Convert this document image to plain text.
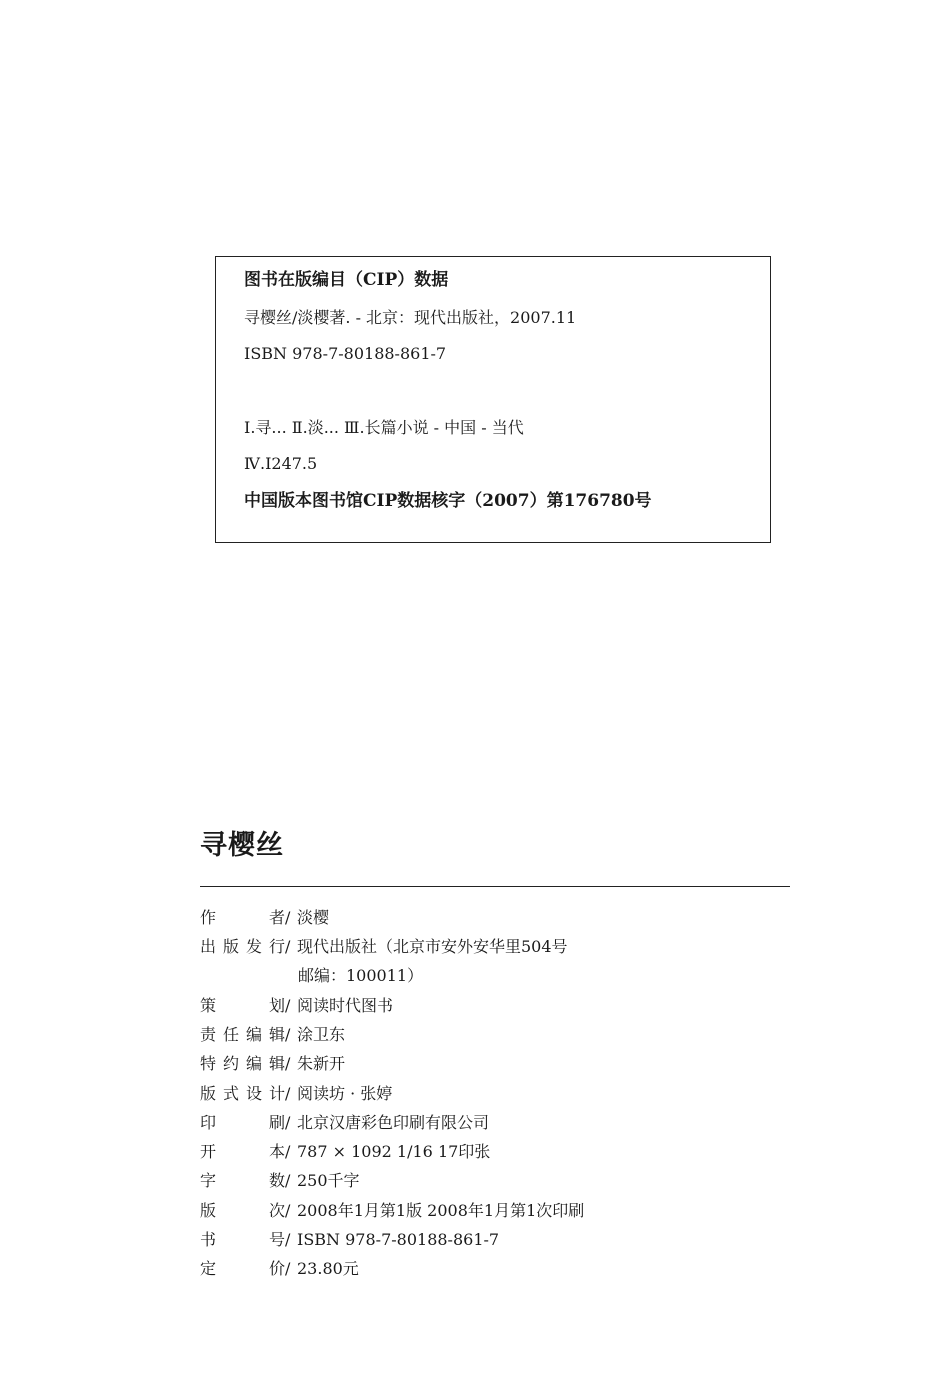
图书在版编目（CIP）数据
寻樱丝/淡樱著. - 北京：现代出版社，2007.11
ISBN 978-7-80188-861-7
Ⅰ.寻... Ⅱ.淡... Ⅲ.长篇小说 - 中国 - 当代
Ⅳ.I247.5
中国版本图书馆CIP数据核字（2007）第176780号
寻樱丝
作者/ 淡樱
出版发行/ 现代出版社（北京市安外安华里504号
邮编：100011）
策划/ 阅读时代图书
责任编辑/ 涂卫东
特约编辑/ 朱新开
版式设计/ 阅读坊 · 张婷
印刷/ 北京汉唐彩色印刷有限公司
开本/ 787 × 1092 1/16 17印张
字数/ 250千字
版次/ 2008年1月第1版 2008年1月第1次印刷
书号/ ISBN 978-7-80188-861-7
定价/ 23.80元
